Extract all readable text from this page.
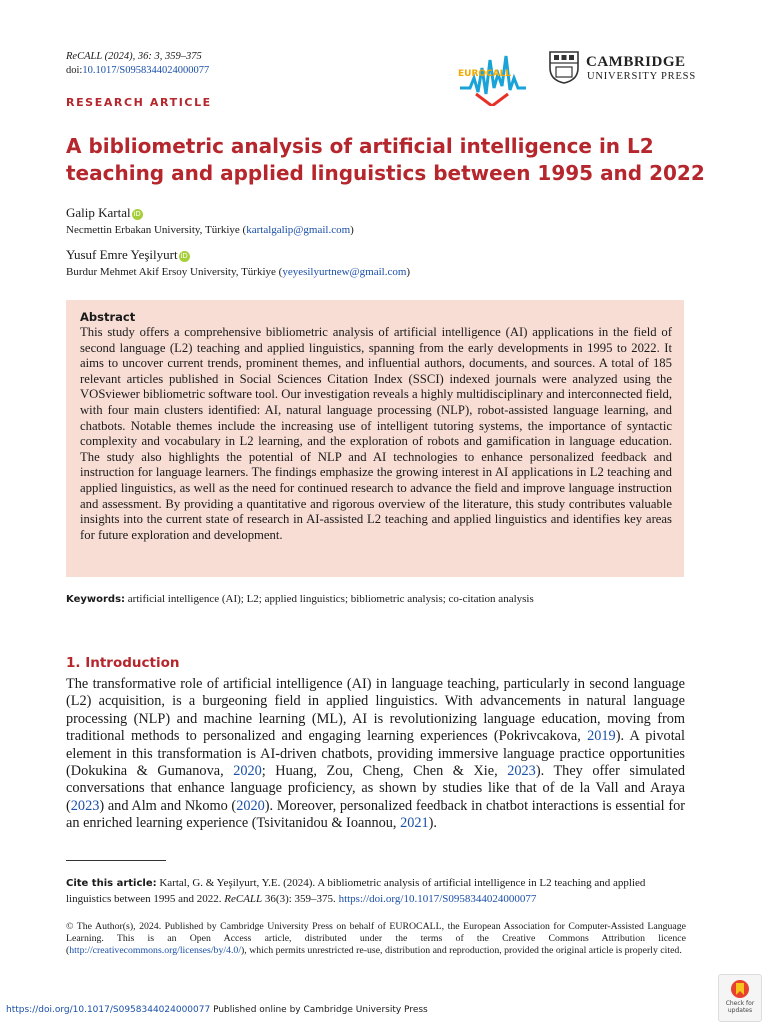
ReCALL (2024), 36: 3, 359–375
doi:10.1017/S0958344024000077	EUROCALL
CAMBRIDGE
UNIVERSITY PRESS
RESEARCH ARTICLE
A bibliometric analysis of artificial intelligence in L2 teaching and applied linguistics between 1995 and 2022
Galip Kartal iD
Necmettin Erbakan University, Türkiye (kartalgalip@gmail.com)
Yusuf Emre Yeşilyurt iD
Burdur Mehmet Akif Ersoy University, Türkiye (yeyesilyurtnew@gmail.com)
Abstract
This study offers a comprehensive bibliometric analysis of artificial intelligence (AI) applications in the field of second language (L2) teaching and applied linguistics, spanning from the early developments in 1995 to 2022. It aims to uncover current trends, prominent themes, and influential authors, documents, and sources. A total of 185 relevant articles published in Social Sciences Citation Index (SSCI) indexed journals were analyzed using the VOSviewer bibliometric software tool. Our investigation reveals a highly multidisciplinary and interconnected field, with four main clusters identified: AI, natural language processing (NLP), robot-assisted language learning, and chatbots. Notable themes include the increasing use of intelligent tutoring systems, the importance of syntactic complexity and vocabulary in L2 learning, and the exploration of robots and gamification in language education. The study also highlights the potential of NLP and AI technologies to enhance personalized feedback and instruction for language learners. The findings emphasize the growing interest in AI applications in L2 teaching and applied linguistics, as well as the need for continued research to advance the field and improve language instruction and assessment. By providing a quantitative and rigorous overview of the literature, this study contributes valuable insights into the current state of research in AI-assisted L2 teaching and applied linguistics and identifies key areas for future exploration and development.
Keywords: artificial intelligence (AI); L2; applied linguistics; bibliometric analysis; co-citation analysis
1. Introduction
The transformative role of artificial intelligence (AI) in language teaching, particularly in second language (L2) acquisition, is a burgeoning field in applied linguistics. With advancements in natural language processing (NLP) and machine learning (ML), AI is revolutionizing language education, moving from traditional methods to personalized and engaging learning experiences (Pokrivcakova, 2019). A pivotal element in this transformation is AI-driven chatbots, providing immersive language practice opportunities (Dokukina & Gumanova, 2020; Huang, Zou, Cheng, Chen & Xie, 2023). They offer simulated conversations that enhance language proficiency, as shown by studies like that of de la Vall and Araya (2023) and Alm and Nkomo (2020). Moreover, personalized feedback in chatbot interactions is essential for an enriched learning experience (Tsivitanidou & Ioannou, 2021).
Cite this article: Kartal, G. & Yeşilyurt, Y.E. (2024). A bibliometric analysis of artificial intelligence in L2 teaching and applied linguistics between 1995 and 2022. ReCALL 36(3): 359–375. https://doi.org/10.1017/S0958344024000077
© The Author(s), 2024. Published by Cambridge University Press on behalf of EUROCALL, the European Association for Computer-Assisted Language Learning. This is an Open Access article, distributed under the terms of the Creative Commons Attribution licence (http://creativecommons.org/licenses/by/4.0/), which permits unrestricted re-use, distribution and reproduction, provided the original article is properly cited.
https://doi.org/10.1017/S0958344024000077 Published online by Cambridge University Press
Check for
updates
